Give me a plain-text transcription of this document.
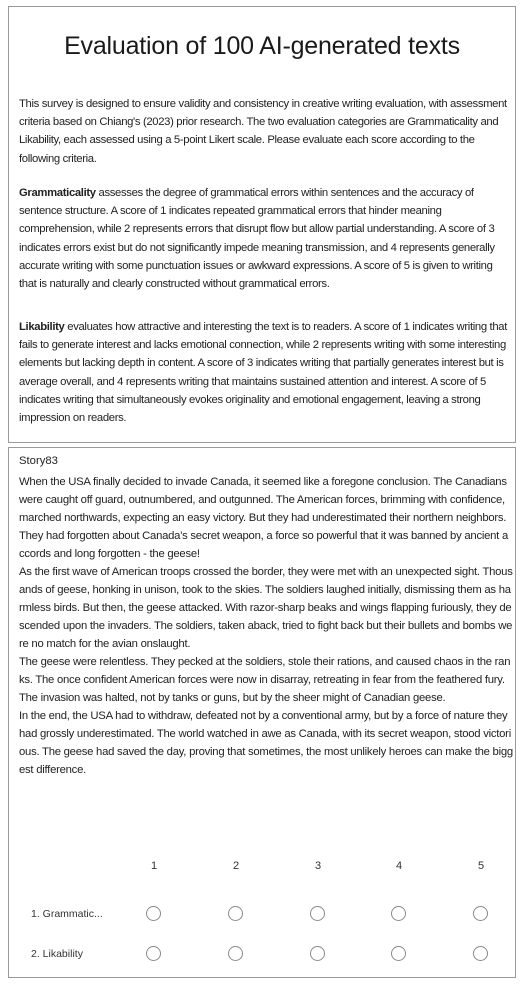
Evaluation of 100 AI-generated texts
This survey is designed to ensure validity and consistency in creative writing evaluation, with assessment criteria based on Chiang's (2023) prior research. The two evaluation categories are Grammaticality and Likability, each assessed using a 5-point Likert scale. Please evaluate each score according to the following criteria.
Grammaticality assesses the degree of grammatical errors within sentences and the accuracy of sentence structure. A score of 1 indicates repeated grammatical errors that hinder meaning comprehension, while 2 represents errors that disrupt flow but allow partial understanding. A score of 3 indicates errors exist but do not significantly impede meaning transmission, and 4 represents generally accurate writing with some punctuation issues or awkward expressions. A score of 5 is given to writing that is naturally and clearly constructed without grammatical errors.
Likability evaluates how attractive and interesting the text is to readers. A score of 1 indicates writing that fails to generate interest and lacks emotional connection, while 2 represents writing with some interesting elements but lacking depth in content. A score of 3 indicates writing that partially generates interest but is average overall, and 4 represents writing that maintains sustained attention and interest. A score of 5 indicates writing that simultaneously evokes originality and emotional engagement, leaving a strong impression on readers.
Story83

When the USA finally decided to invade Canada, it seemed like a foregone conclusion. The Canadians were caught off guard, outnumbered, and outgunned. The American forces, brimming with confidence, marched northwards, expecting an easy victory. But they had underestimated their northern neighbors. They had forgotten about Canada's secret weapon, a force so powerful that it was banned by ancient accords and long forgotten - the geese!

As the first wave of American troops crossed the border, they were met with an unexpected sight. Thousands of geese, honking in unison, took to the skies. The soldiers laughed initially, dismissing them as harmless birds. But then, the geese attacked. With razor-sharp beaks and wings flapping furiously, they descended upon the invaders. The soldiers, taken aback, tried to fight back but their bullets and bombs were no match for the avian onslaught.

The geese were relentless. They pecked at the soldiers, stole their rations, and caused chaos in the ranks. The once confident American forces were now in disarray, retreating in fear from the feathered fury. The invasion was halted, not by tanks or guns, but by the sheer might of Canadian geese.

In the end, the USA had to withdraw, defeated not by a conventional army, but by a force of nature they had grossly underestimated. The world watched in awe as Canada, with its secret weapon, stood victorious. The geese had saved the day, proving that sometimes, the most unlikely heroes can make the biggest difference.

1	2	3	4	5
1. Grammatic...
2. Likability
